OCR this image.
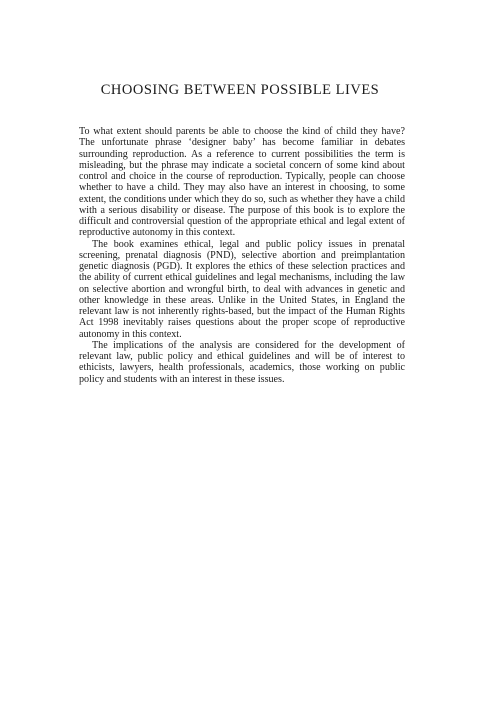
CHOOSING BETWEEN POSSIBLE LIVES

To what extent should parents be able to choose the kind of child they have? The unfortunate phrase ‘designer baby’ has become familiar in debates surrounding reproduction. As a reference to current possibilities the term is misleading, but the phrase may indicate a societal concern of some kind about control and choice in the course of reproduction. Typically, people can choose whether to have a child. They may also have an interest in choosing, to some extent, the conditions under which they do so, such as whether they have a child with a serious disability or disease. The purpose of this book is to explore the difficult and controversial question of the appropriate ethical and legal extent of reproductive autonomy in this context.

The book examines ethical, legal and public policy issues in prenatal screening, prenatal diagnosis (PND), selective abortion and preimplantation genetic diagnosis (PGD). It explores the ethics of these selection practices and the ability of current ethical guidelines and legal mechanisms, including the law on selective abortion and wrongful birth, to deal with advances in genetic and other knowledge in these areas. Unlike in the United States, in England the relevant law is not inherently rights-based, but the impact of the Human Rights Act 1998 inevitably raises questions about the proper scope of reproductive autonomy in this context.

The implications of the analysis are considered for the development of relevant law, public policy and ethical guidelines and will be of interest to ethicists, lawyers, health professionals, academics, those working on public policy and students with an interest in these issues.
